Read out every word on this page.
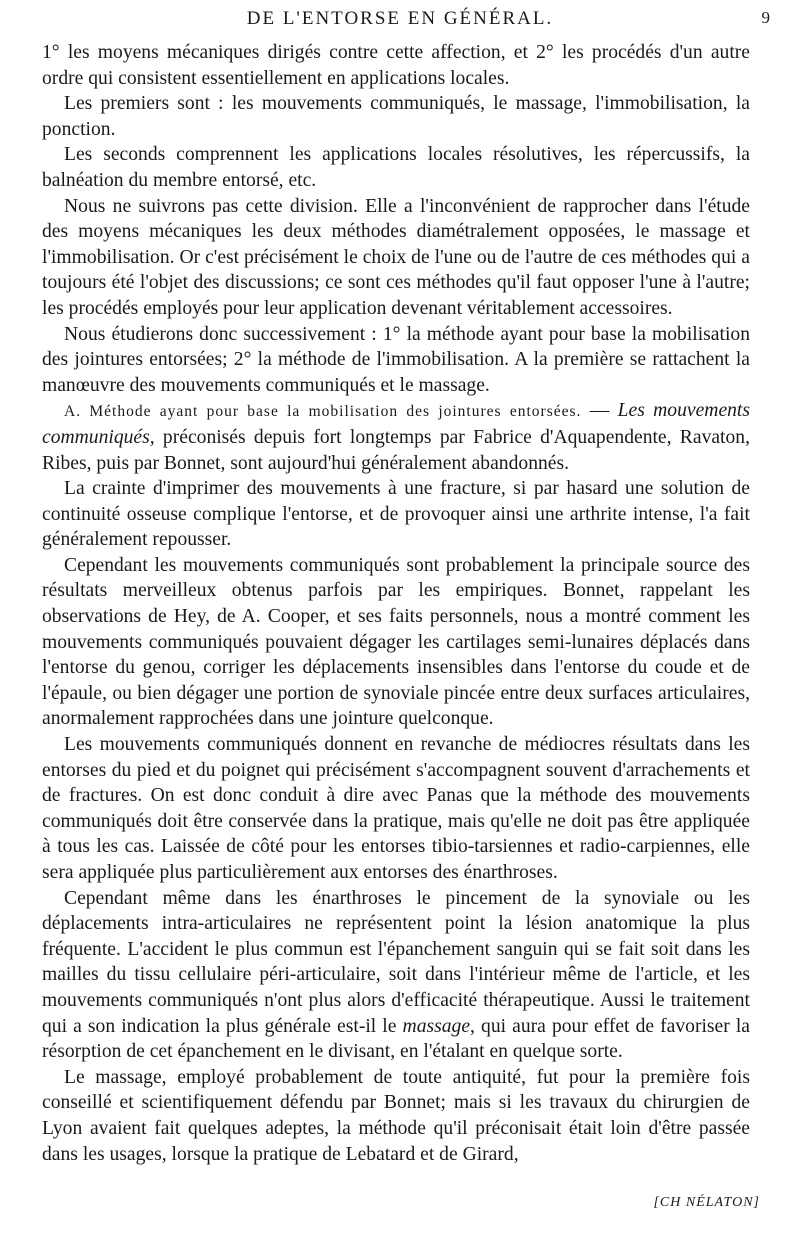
DE L'ENTORSE EN GÉNÉRAL.	9

1° les moyens mécaniques dirigés contre cette affection, et 2° les procédés d'un autre ordre qui consistent essentiellement en applications locales.

Les premiers sont : les mouvements communiqués, le massage, l'immobilisation, la ponction.

Les seconds comprennent les applications locales résolutives, les répercussifs, la balnéation du membre entorsé, etc.

Nous ne suivrons pas cette division. Elle a l'inconvénient de rapprocher dans l'étude des moyens mécaniques les deux méthodes diamétralement opposées, le massage et l'immobilisation. Or c'est précisément le choix de l'une ou de l'autre de ces méthodes qui a toujours été l'objet des discussions; ce sont ces méthodes qu'il faut opposer l'une à l'autre; les procédés employés pour leur application devenant véritablement accessoires.

Nous étudierons donc successivement : 1° la méthode ayant pour base la mobilisation des jointures entorsées; 2° la méthode de l'immobilisation. A la première se rattachent la manœuvre des mouvements communiqués et le massage.

A. Méthode ayant pour base la mobilisation des jointures entorsées. — Les mouvements communiqués, préconisés depuis fort longtemps par Fabrice d'Aquapendente, Ravaton, Ribes, puis par Bonnet, sont aujourd'hui généralement abandonnés.

La crainte d'imprimer des mouvements à une fracture, si par hasard une solution de continuité osseuse complique l'entorse, et de provoquer ainsi une arthrite intense, l'a fait généralement repousser.

Cependant les mouvements communiqués sont probablement la principale source des résultats merveilleux obtenus parfois par les empiriques. Bonnet, rappelant les observations de Hey, de A. Cooper, et ses faits personnels, nous a montré comment les mouvements communiqués pouvaient dégager les cartilages semi-lunaires déplacés dans l'entorse du genou, corriger les déplacements insensibles dans l'entorse du coude et de l'épaule, ou bien dégager une portion de synoviale pincée entre deux surfaces articulaires, anormalement rapprochées dans une jointure quelconque.

Les mouvements communiqués donnent en revanche de médiocres résultats dans les entorses du pied et du poignet qui précisément s'accompagnent souvent d'arrachements et de fractures. On est donc conduit à dire avec Panas que la méthode des mouvements communiqués doit être conservée dans la pratique, mais qu'elle ne doit pas être appliquée à tous les cas. Laissée de côté pour les entorses tibio-tarsiennes et radio-carpiennes, elle sera appliquée plus particulièrement aux entorses des énarthroses.

Cependant même dans les énarthroses le pincement de la synoviale ou les déplacements intra-articulaires ne représentent point la lésion anatomique la plus fréquente. L'accident le plus commun est l'épanchement sanguin qui se fait soit dans les mailles du tissu cellulaire péri-articulaire, soit dans l'intérieur même de l'article, et les mouvements communiqués n'ont plus alors d'efficacité thérapeutique. Aussi le traitement qui a son indication la plus générale est-il le massage, qui aura pour effet de favoriser la résorption de cet épanchement en le divisant, en l'étalant en quelque sorte.

Le massage, employé probablement de toute antiquité, fut pour la première fois conseillé et scientifiquement défendu par Bonnet; mais si les travaux du chirurgien de Lyon avaient fait quelques adeptes, la méthode qu'il préconisait était loin d'être passée dans les usages, lorsque la pratique de Lebatard et de Girard,

[CH NÉLATON]
